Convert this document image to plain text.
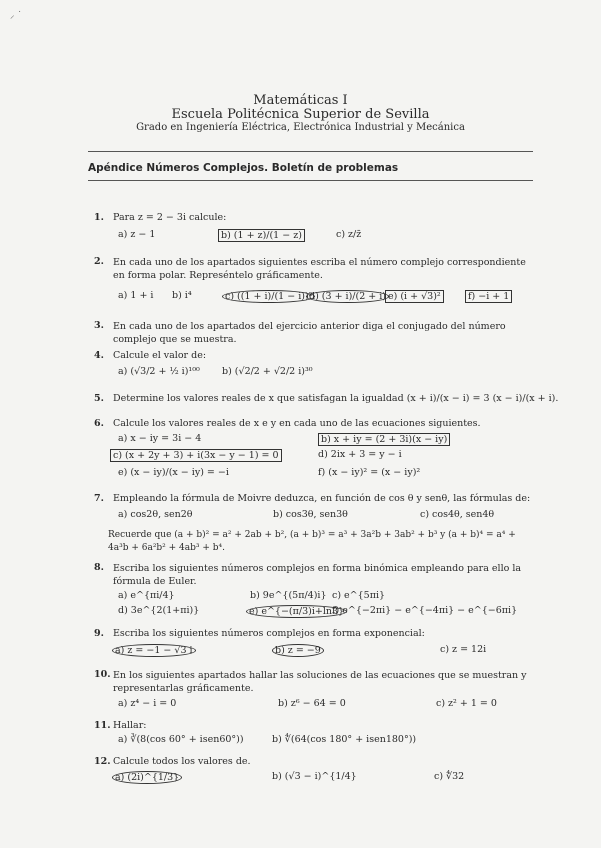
⸝ ˙
Matemáticas I
Escuela Politécnica Superior de Sevilla
Grado en Ingeniería Eléctrica, Electrónica Industrial y Mecánica
Apéndice Números Complejos. Boletín de problemas
1. Para z = 2 − 3i calcule:
a) z − 1	b) (1 + z)/(1 − z)	c) z/z̄
2. En cada uno de los apartados siguientes escriba el número complejo correspondiente en forma polar. Represéntelo gráficamente.
a) 1 + i b) i⁴	c) ((1 + i)/(1 − i))²
d) (3 + i)/(2 + i) e) (i + √3)²	f) −i + 1
3. En cada uno de los apartados del ejercicio anterior diga el conjugado del número complejo que se muestra.
4. Calcule el valor de:
a) (√3/2 + ½ i)¹⁰⁰ b) (√2/2 + √2/2 i)³⁰
5. Determine los valores reales de x que satisfagan la igualdad (x + i)/(x − i) = 3 (x − i)/(x + i).
6. Calcule los valores reales de x e y en cada uno de las ecuaciones siguientes.
a) x − iy = 3i − 4	b) x + iy = (2 + 3i)(x − iy)
c) (x + 2y + 3) + i(3x − y − 1) = 0	d) 2ix + 3 = y − i
e) (x − iy)/(x − iy) = −i	f) (x − iy)² = (x − iy)²
7. Empleando la fórmula de Moivre deduzca, en función de cos θ y senθ, las fórmulas de:
a) cos2θ, sen2θ	b) cos3θ, sen3θ	c) cos4θ, sen4θ
Recuerde que (a + b)² = a² + 2ab + b², (a + b)³ = a³ + 3a²b + 3ab² + b³ y (a + b)⁴ = a⁴ + 4a³b + 6a²b² + 4ab³ + b⁴.
8. Escriba los siguientes números complejos en forma binómica empleando para ello la fórmula de Euler.
a) e^{πi/4}	b) 9e^{(5π/4)i} c) e^{5πi}
d) 3e^{2(1+πi)}	e) e^{−(π/3)i+ln3}
f) e^{−2πi} − e^{−4πi} − e^{−6πi}
9. Escriba los siguientes números complejos en forma exponencial:
a) z = −1 − √3 i	b) z = −9	c) z = 12i
10. En los siguientes apartados hallar las soluciones de las ecuaciones que se muestran y representarlas gráficamente.
a) z⁴ − i = 0	b) z⁶ − 64 = 0	c) z² + 1 = 0
11. Hallar:
a) ∛(8(cos 60° + isen60°))	b) ∜(64(cos 180° + isen180°))
12. Calcule todos los valores de.
a) (2i)^{1/3}	b) (√3 − i)^{1/4}	c) ∜32
